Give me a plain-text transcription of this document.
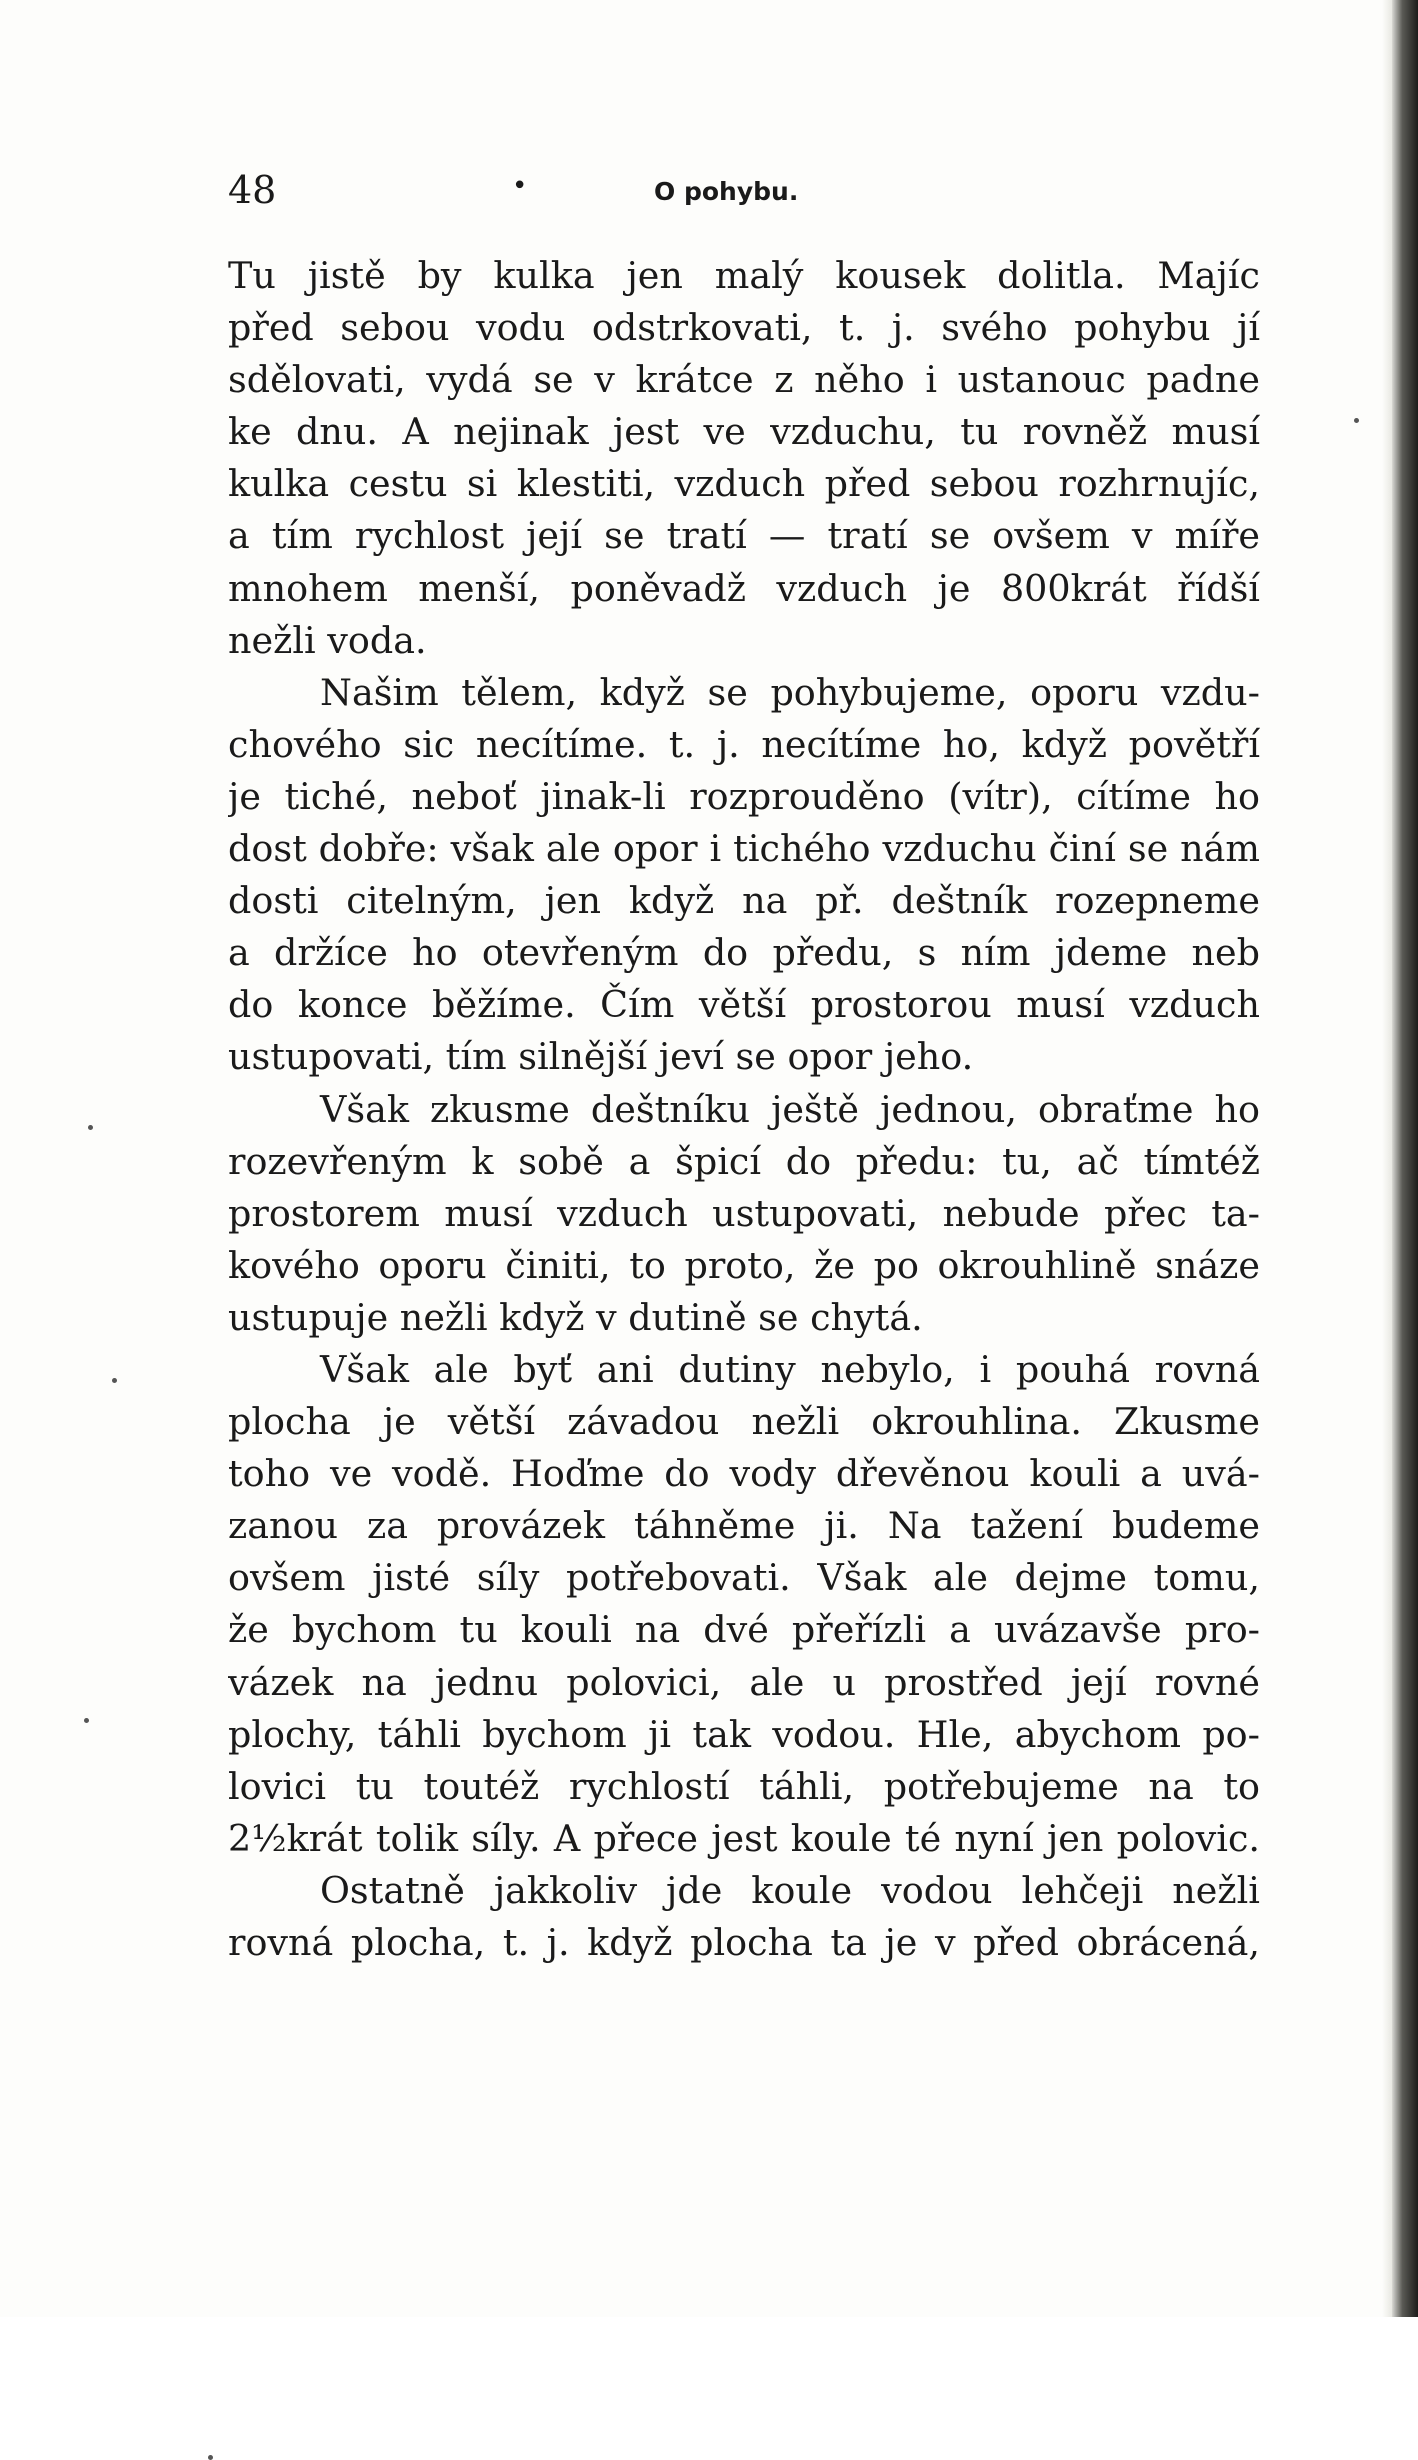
48	•	O pohybu.
Tu jistě by kulka jen malý kousek dolitla. Majíc
před sebou vodu odstrkovati, t. j. svého pohybu jí
sdělovati, vydá se v krátce z něho i ustanouc padne
ke dnu. A nejinak jest ve vzduchu, tu rovněž musí
kulka cestu si klestiti, vzduch před sebou rozhrnujíc,
a tím rychlost její se tratí — tratí se ovšem v míře
mnohem menší, poněvadž vzduch je 800krát řídší
nežli voda.
Našim tělem, když se pohybujeme, oporu vzdu-
chového sic necítíme. t. j. necítíme ho, když povětří
je tiché, neboť jinak-li rozprouděno (vítr), cítíme ho
dost dobře: však ale opor i tichého vzduchu činí se nám
dosti citelným, jen když na př. deštník rozepneme
a držíce ho otevřeným do předu, s ním jdeme neb
do konce běžíme. Čím větší prostorou musí vzduch
ustupovati, tím silnější jeví se opor jeho.
Však zkusme deštníku ještě jednou, obraťme ho
rozevřeným k sobě a špicí do předu: tu, ač tímtéž
prostorem musí vzduch ustupovati, nebude přec ta-
kového oporu činiti, to proto, že po okrouhlině snáze
ustupuje nežli když v dutině se chytá.
Však ale byť ani dutiny nebylo, i pouhá rovná
plocha je větší závadou nežli okrouhlina. Zkusme
toho ve vodě. Hoďme do vody dřevěnou kouli a uvá-
zanou za provázek táhněme ji. Na tažení budeme
ovšem jisté síly potřebovati. Však ale dejme tomu,
že bychom tu kouli na dvé přeřízli a uvázavše pro-
vázek na jednu polovici, ale u prostřed její rovné
plochy, táhli bychom ji tak vodou. Hle, abychom po-
lovici tu toutéž rychlostí táhli, potřebujeme na to
2½krát tolik síly. A přece jest koule té nyní jen polovic.
Ostatně jakkoliv jde koule vodou lehčeji nežli
rovná plocha, t. j. když plocha ta je v před obrácená,
